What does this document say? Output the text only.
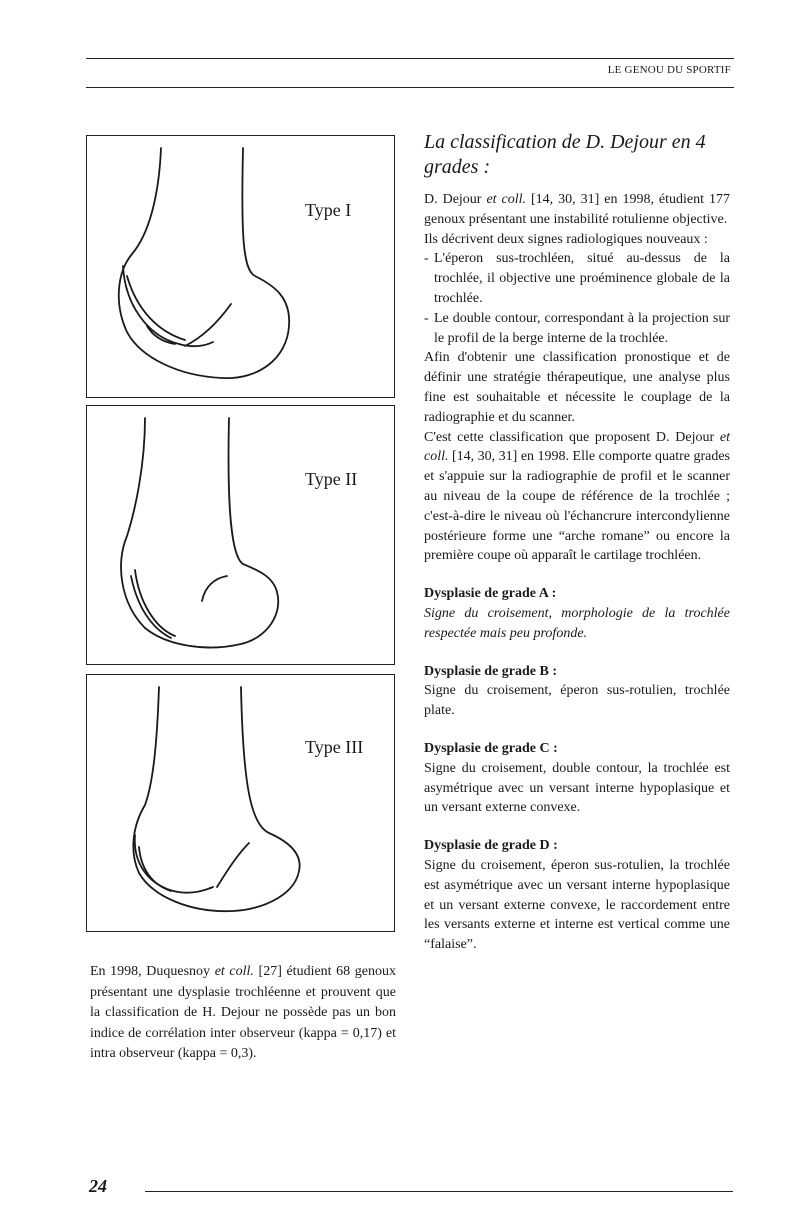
LE GENOU DU SPORTIF
Type I
Type II
Type III
En 1998, Duquesnoy et coll. [27] étudient 68 genoux présentant une dysplasie trochléenne et prouvent que la classification de H. Dejour ne possède pas un bon indice de corrélation inter observeur (kappa = 0,17) et intra observeur (kappa = 0,3).
La classification de D. Dejour en 4 grades :

D. Dejour et coll. [14, 30, 31] en 1998, étudient 177 genoux présentant une instabilité rotulienne objective.

Ils décrivent deux signes radiologiques nouveaux :

- L'éperon sus-trochléen, situé au-dessus de la trochlée, il objective une proéminence globale de la trochlée.
- Le double contour, correspondant à la projection sur le profil de la berge interne de la trochlée.

Afin d'obtenir une classification pronostique et de définir une stratégie thérapeutique, une analyse plus fine est souhaitable et nécessite le couplage de la radiographie et du scanner.

C'est cette classification que proposent D. Dejour et coll. [14, 30, 31] en 1998. Elle comporte quatre grades et s'appuie sur la radiographie de profil et le scanner au niveau de la coupe de référence de la trochlée ; c'est-à-dire le niveau où l'échancrure intercondylienne postérieure forme une “arche romane” ou encore la première coupe où apparaît le cartilage trochléen.

Dysplasie de grade A :
Signe du croisement, morphologie de la trochlée respectée mais peu profonde.
Dysplasie de grade B :
Signe du croisement, éperon sus-rotulien, trochlée plate.
Dysplasie de grade C :
Signe du croisement, double contour, la trochlée est asymétrique avec un versant interne hypoplasique et un versant externe convexe.
Dysplasie de grade D :
Signe du croisement, éperon sus-rotulien, la trochlée est asymétrique avec un versant interne hypoplasique et un versant externe convexe, le raccordement entre les versants externe et interne est vertical comme une “falaise”.
24
